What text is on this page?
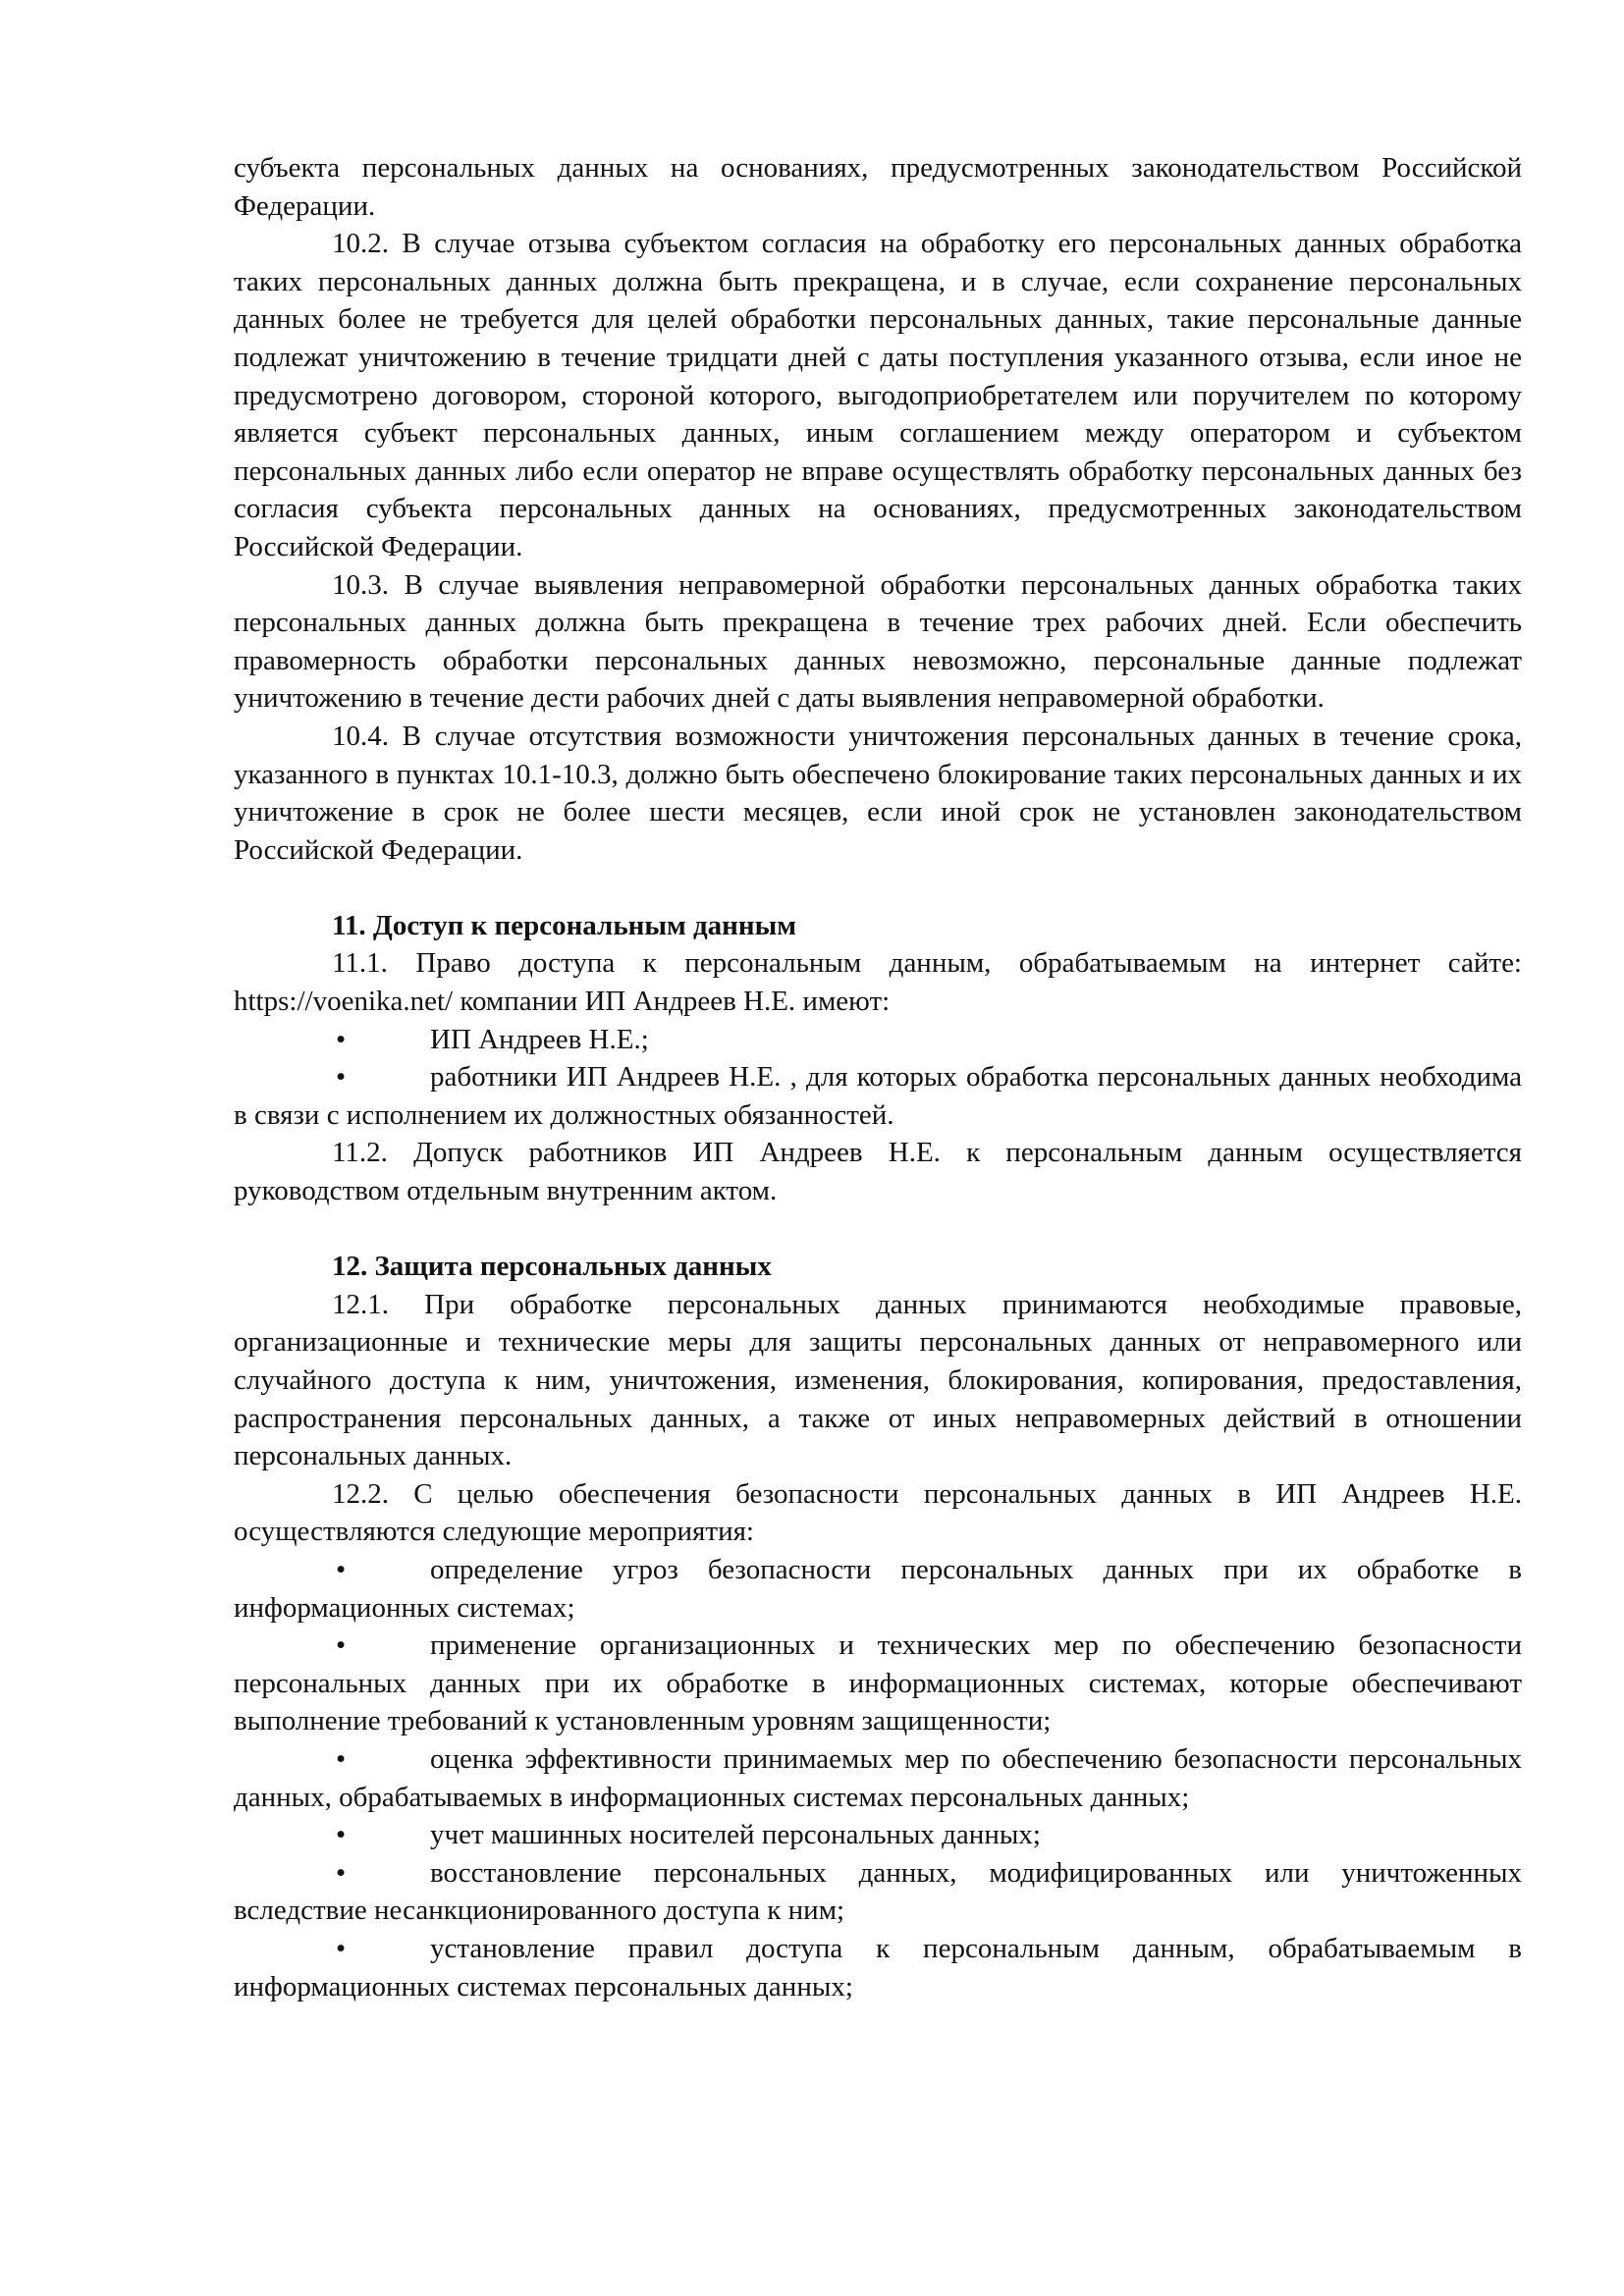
субъекта персональных данных на основаниях, предусмотренных законодательством Российской Федерации.

10.2. В случае отзыва субъектом согласия на обработку его персональных данных обработка таких персональных данных должна быть прекращена, и в случае, если сохранение персональных данных более не требуется для целей обработки персональных данных, такие персональные данные подлежат уничтожению в течение тридцати дней с даты поступления указанного отзыва, если иное не предусмотрено договором, стороной которого, выгодоприобретателем или поручителем по которому является субъект персональных данных, иным соглашением между оператором и субъектом персональных данных либо если оператор не вправе осуществлять обработку персональных данных без согласия субъекта персональных данных на основаниях, предусмотренных законодательством Российской Федерации.

10.3. В случае выявления неправомерной обработки персональных данных обработка таких персональных данных должна быть прекращена в течение трех рабочих дней. Если обеспечить правомерность обработки персональных данных невозможно, персональные данные подлежат уничтожению в течение дести рабочих дней с даты выявления неправомерной обработки.

10.4. В случае отсутствия возможности уничтожения персональных данных в течение срока, указанного в пунктах 10.1-10.3, должно быть обеспечено блокирование таких персональных данных и их уничтожение в срок не более шести месяцев, если иной срок не установлен законодательством Российской Федерации.

11. Доступ к персональным данным

11.1. Право доступа к персональным данным, обрабатываемым на интернет сайте: https://voenika.net/ компании ИП Андреев Н.Е. имеют:

•	ИП Андреев Н.Е.;

•	работники ИП Андреев Н.Е. , для которых обработка персональных данных необходима в связи с исполнением их должностных обязанностей.

11.2. Допуск работников ИП Андреев Н.Е. к персональным данным осуществляется руководством отдельным внутренним актом.

12. Защита персональных данных

12.1. При обработке персональных данных принимаются необходимые правовые, организационные и технические меры для защиты персональных данных от неправомерного или случайного доступа к ним, уничтожения, изменения, блокирования, копирования, предоставления, распространения персональных данных, а также от иных неправомерных действий в отношении персональных данных.

12.2. С целью обеспечения безопасности персональных данных в ИП Андреев Н.Е. осуществляются следующие мероприятия:

•	определение угроз безопасности персональных данных при их обработке в информационных системах;

•	применение организационных и технических мер по обеспечению безопасности персональных данных при их обработке в информационных системах, которые обеспечивают выполнение требований к установленным уровням защищенности;

•	оценка эффективности принимаемых мер по обеспечению безопасности персональных данных, обрабатываемых в информационных системах персональных данных;

•	учет машинных носителей персональных данных;

•	восстановление персональных данных, модифицированных или уничтоженных вследствие несанкционированного доступа к ним;

•	установление правил доступа к персональным данным, обрабатываемым в информационных системах персональных данных;
